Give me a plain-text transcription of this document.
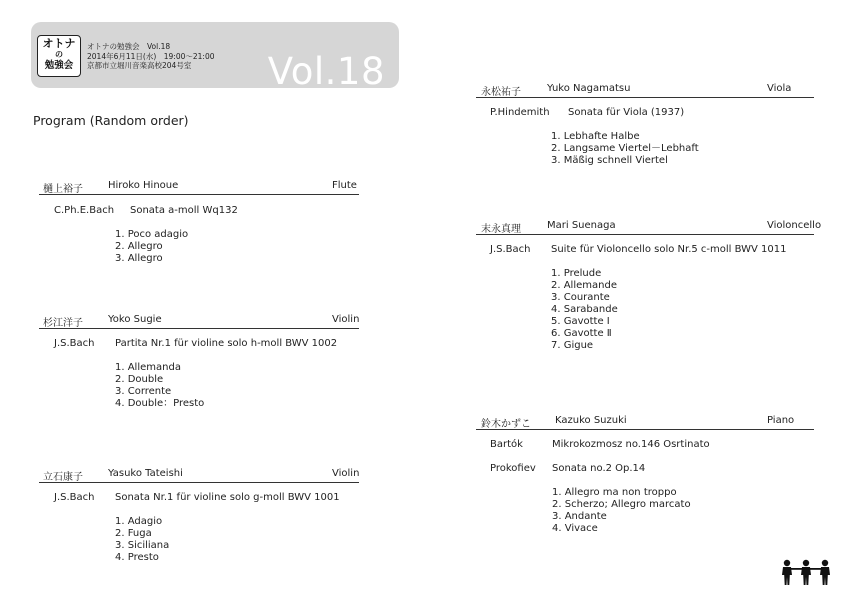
オトナ
の
勉強会
オトナの勉強会　Vol.18
2014年6月11日(水)　19:00～21:00
京都市立堀川音楽高校204号室	Vol.18
Program (Random order)
樋上裕子	Hiroko Hinoue	Flute
C.Ph.E.Bach Sonata a-moll Wq132
1. Poco adagio
2. Allegro
3. Allegro
杉江洋子	Yoko Sugie	Violin
J.S.Bach Partita Nr.1 für violine solo h-moll BWV 1002
1. Allemanda
2. Double
3. Corrente
4. Double：Presto
立石康子	Yasuko Tateishi	Violin
J.S.Bach Sonata Nr.1 für violine solo g-moll BWV 1001
1. Adagio
2. Fuga
3. Siciliana
4. Presto
永松祐子	Yuko Nagamatsu	Viola
P.Hindemith Sonata für Viola (1937)
1. Lebhafte Halbe
2. Langsame Viertel－Lebhaft
3. Mäßig schnell Viertel
末永真理	Mari Suenaga	Violoncello
J.S.Bach Suite für Violoncello solo Nr.5 c-moll BWV 1011
1. Prelude
2. Allemande
3. Courante
4. Sarabande
5. Gavotte Ⅰ
6. Gavotte Ⅱ
7. Gigue
鈴木かずこ Kazuko Suzuki	Piano
Bartók	Mikrokozmosz no.146 Osrtinato
Prokofiev Sonata no.2 Op.14
1. Allegro ma non troppo
2. Scherzo; Allegro marcato
3. Andante
4. Vivace
